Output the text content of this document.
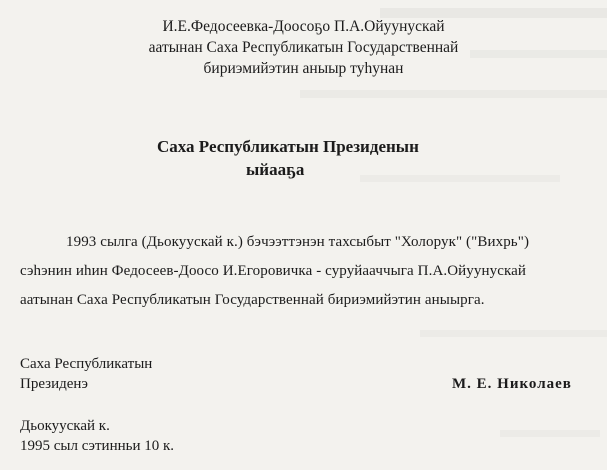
И.Е.Федосеевка-Доосоҕо П.А.Ойуунускай
аатынан Саха Республикатын Государственнай
бириэмийэтин аныыр туһунан
Саха Республикатын Президенын
ыйааҕа
1993 сылга (Дьокуускай к.) бэчээттэнэн тахсыбыт "Холорук" ("Вихрь")
сэһэнин иһин Федосеев-Доосо И.Егоровичка - суруйааччыга П.А.Ойуунускай
аатынан Саха Республикатын Государственнай бириэмийэтин аныырга.
Саха Республикатын
Президенэ	М. Е. Николаев
Дьокуускай к.
1995 сыл сэтинньи 10 к.
